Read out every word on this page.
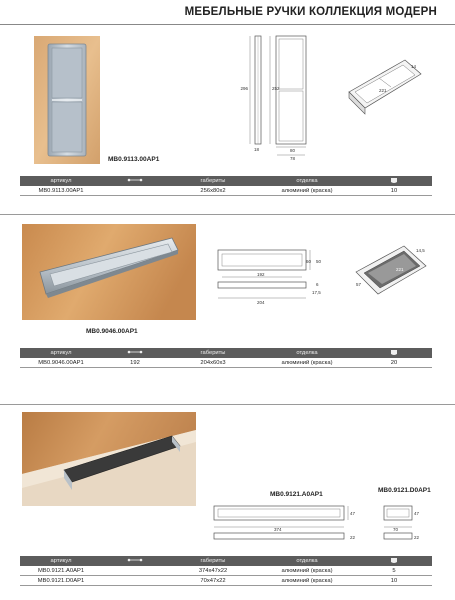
МЕБЕЛЬНЫЕ РУЧКИ КОЛЛЕКЦИЯ МОДЕРН
MB0.9113.00AP1
296	252
18	80
78
221
14
артикул	габериты	отделка
MB0.9113.00AP1	256x80x2	алюминий (краска)	10
MB0.9046.00AP1
60 50
192
204
6
17,5
221
57
14,5
артикул	габериты	отделка
MB0.9046.00AP1	192	204x60x3	алюминий (краска)	20
MB0.9121.A0AP1
MB0.9121.D0AP1
47
374
22
47
70
22
артикул	габериты	отделка
MB0.9121.A0AP1	374x47x22	алюминий (краска)	5
MB0.9121.D0AP1	70x47x22	алюминий (краска)	10
